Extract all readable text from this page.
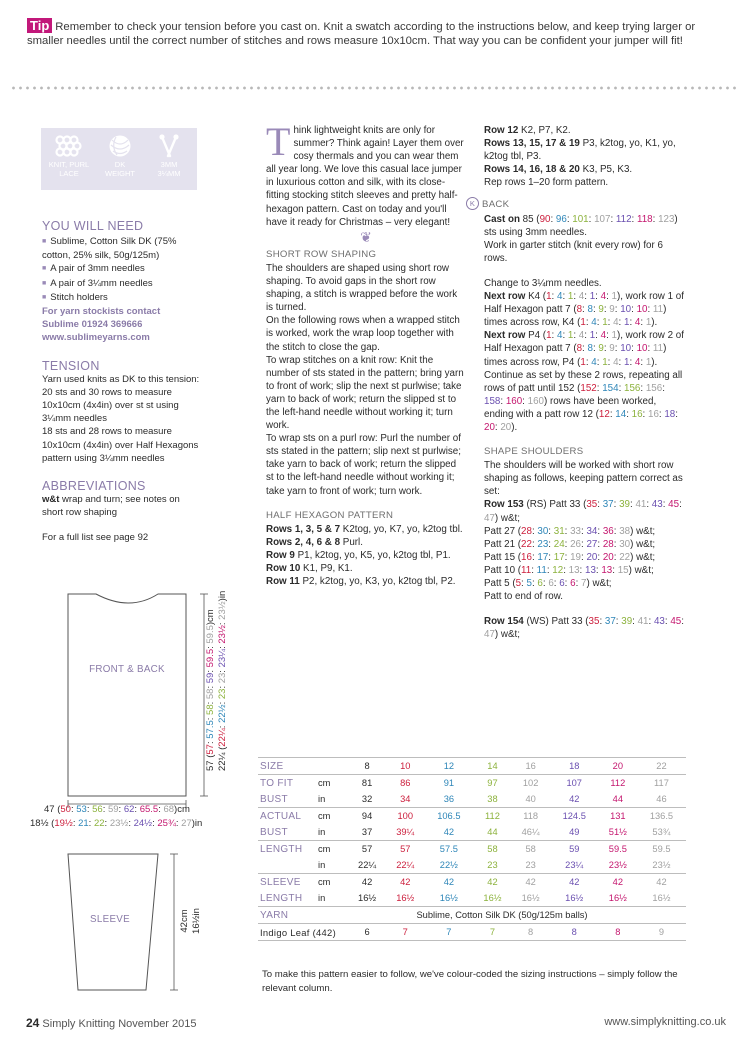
Tip Remember to check your tension before you cast on. Knit a swatch according to the instructions below, and keep trying larger or smaller needles until the correct number of stitches and rows measure 10x10cm. That way you can be confident your jumper will fit!
KNIT, PURL
LACE
DK
WEIGHT
3MM
3¼MM
YOU WILL NEED
■ Sublime, Cotton Silk DK (75% cotton, 25% silk, 50g/125m)
■ A pair of 3mm needles
■ A pair of 3¼mm needles
■ Stitch holders
For yarn stockists contact
Sublime 01924 369666
www.sublimeyarns.com
TENSION
Yarn used knits as DK to this tension: 20 sts and 30 rows to measure 10x10cm (4x4in) over st st using 3¼mm needles
18 sts and 28 rows to measure 10x10cm (4x4in) over Half Hexagons pattern using 3¼mm needles
ABBREVIATIONS
w&t wrap and turn; see notes on short row shaping
For a full list see page 92
FRONT & BACK
57 (57: 57.5: 58: 58: 59: 59.5: 59.5)cm
22¼ (22¼: 22½: 23: 23: 23¼: 23½: 23½)in
47 (50: 53: 56: 59: 62: 65.5: 68)cm
18½ (19½: 21: 22: 23½: 24½: 25¾: 27)in
SLEEVE	42cm 16½in
Think lightweight knits are only for summer? Think again! Layer them over cosy thermals and you can wear them all year long. We love this casual lace jumper in luxurious cotton and silk, with its close-fitting stocking stitch sleeves and pretty half-hexagon pattern. Cast on today and you'll have it ready for Christmas – very elegant!
❦
SHORT ROW SHAPING
The shoulders are shaped using short row shaping. To avoid gaps in the short row shaping, a stitch is wrapped before the work is turned.
On the following rows when a wrapped stitch is worked, work the wrap loop together with the stitch to close the gap.
To wrap stitches on a knit row: Knit the number of sts stated in the pattern; bring yarn to front of work; slip the next st purlwise; take yarn to back of work; return the slipped st to the left-hand needle without working it; turn work.
To wrap sts on a purl row: Purl the number of sts stated in the pattern; slip next st purlwise; take yarn to back of work; return the slipped st to the left-hand needle without working it; take yarn to front of work; turn work.
HALF HEXAGON PATTERN
Rows 1, 3, 5 & 7 K2tog, yo, K7, yo, k2tog tbl.
Rows 2, 4, 6 & 8 Purl.
Row 9 P1, k2tog, yo, K5, yo, k2tog tbl, P1.
Row 10 K1, P9, K1.
Row 11 P2, k2tog, yo, K3, yo, k2tog tbl, P2.
Row 12 K2, P7, K2.
Rows 13, 15, 17 & 19 P3, k2tog, yo, K1, yo, k2tog tbl, P3.
Rows 14, 16, 18 & 20 K3, P5, K3.
Rep rows 1–20 form pattern.
K BACK
Cast on 85 (90: 96: 101: 107: 112: 118: 123) sts using 3mm needles.
Work in garter stitch (knit every row) for 6 rows.
Change to 3¼mm needles.
Next row K4 (1: 4: 1: 4: 1: 4: 1), work row 1 of Half Hexagon patt 7 (8: 8: 9: 9: 10: 10: 11) times across row, K4 (1: 4: 1: 4: 1: 4: 1).
Next row P4 (1: 4: 1: 4: 1: 4: 1), work row 2 of Half Hexagon patt 7 (8: 8: 9: 9: 10: 10: 11) times across row, P4 (1: 4: 1: 4: 1: 4: 1).
Continue as set by these 2 rows, repeating all rows of patt until 152 (152: 154: 156: 156: 158: 160: 160) rows have been worked, ending with a patt row 12 (12: 14: 16: 16: 18: 20: 20).
SHAPE SHOULDERS
The shoulders will be worked with short row shaping as follows, keeping pattern correct as set:
Row 153 (RS) Patt 33 (35: 37: 39: 41: 43: 45: 47) w&t;
Patt 27 (28: 30: 31: 33: 34: 36: 38) w&t;
Patt 21 (22: 23: 24: 26: 27: 28: 30) w&t;
Patt 15 (16: 17: 17: 19: 20: 20: 22) w&t;
Patt 10 (11: 11: 12: 13: 13: 13: 15) w&t;
Patt 5 (5: 5: 6: 6: 6: 6: 7) w&t;
Patt to end of row.
Row 154 (WS) Patt 33 (35: 37: 39: 41: 43: 45: 47) w&t;
SIZE		8	10	12	14	16	18	20	22
TO FIT	cm	81	86	91	97	102	107	112	117
BUST	in	32	34	36	38	40	42	44	46
ACTUAL	cm	94	100	106.5	112	118	124.5	131	136.5
BUST	in	37	39¼	42	44	46¼	49	51½	53¾
LENGTH	cm	57	57	57.5	58	58	59	59.5	59.5
	in	22¼	22¼	22½	23	23	23¼	23½	23½
SLEEVE	cm	42	42	42	42	42	42	42	42
LENGTH	in	16½	16½	16½	16½	16½	16½	16½	16½
YARN	Sublime, Cotton Silk DK (50g/125m balls)								
Indigo Leaf (442)		6	7	7	7	8	8	8	9

To make this pattern easier to follow, we've colour-coded the sizing instructions – simply follow the relevant column.
24 Simply Knitting November 2015	www.simplyknitting.co.uk
